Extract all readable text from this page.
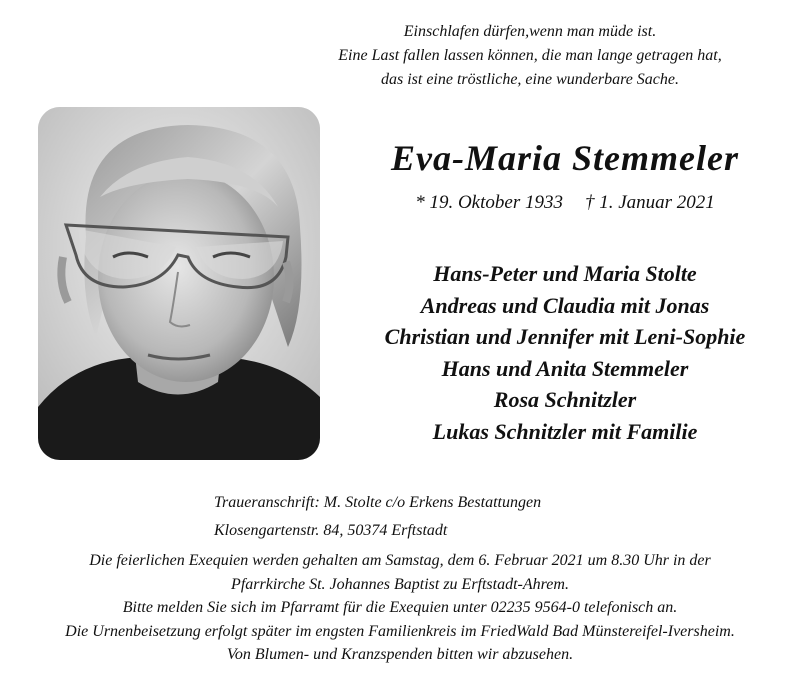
Einschlafen dürfen,wenn man müde ist.
Eine Last fallen lassen können, die man lange getragen hat,
das ist eine tröstliche, eine wunderbare Sache.
Eva-Maria Stemmeler
* 19. Oktober 1933 † 1. Januar 2021
Hans-Peter und Maria Stolte
Andreas und Claudia mit Jonas
Christian und Jennifer mit Leni-Sophie
Hans und Anita Stemmeler
Rosa Schnitzler
Lukas Schnitzler mit Familie
Traueranschrift: M. Stolte c/o Erkens Bestattungen
Klosengartenstr. 84, 50374 Erftstadt
Die feierlichen Exequien werden gehalten am Samstag, dem 6. Februar 2021 um 8.30 Uhr in der
Pfarrkirche St. Johannes Baptist zu Erftstadt-Ahrem.
Bitte melden Sie sich im Pfarramt für die Exequien unter 02235 9564-0 telefonisch an.
Die Urnenbeisetzung erfolgt später im engsten Familienkreis im FriedWald Bad Münstereifel-Iversheim.
Von Blumen- und Kranzspenden bitten wir abzusehen.
